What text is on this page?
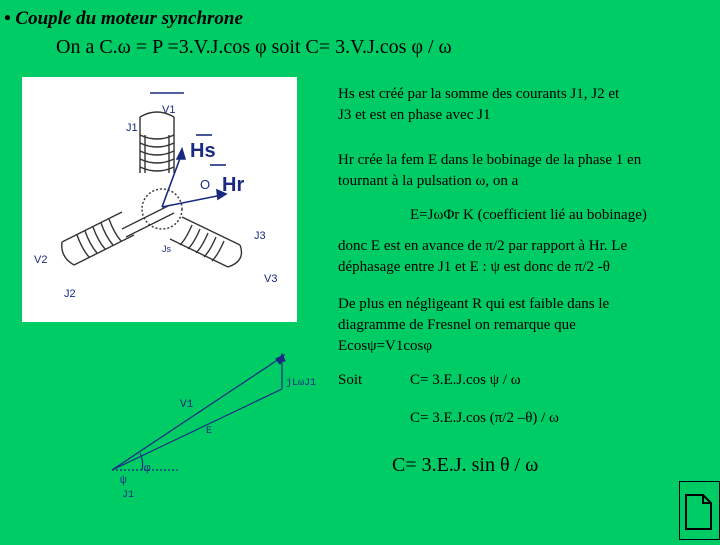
• Couple du moteur synchrone
On a C.ω = P =3.V.J.cos φ soit C= 3.V.J.cos φ / ω
V1
J1
Hs
O Hr
J3
V3
V2
J2
Js
Hs est créé par la somme des courants J1, J2 et
J3 et est en phase avec J1
Hr crée la fem E dans le bobinage de la phase 1 en
tournant à la pulsation ω, on a
E=JωΦr K (coefficient lié au bobinage)
donc E est en avance de π/2 par rapport à Hr. Le
déphasage entre J1 et E : ψ est donc de π/2 -θ
De plus en négligeant R qui est faible dans le
diagramme de Fresnel on remarque que
Ecosψ=V1cosφ
jLωJ1
V1
E
ψ
φ
J1
Soit	C= 3.E.J.cos ψ / ω
C= 3.E.J.cos (π/2 –θ) / ω
C= 3.E.J. sin θ / ω
